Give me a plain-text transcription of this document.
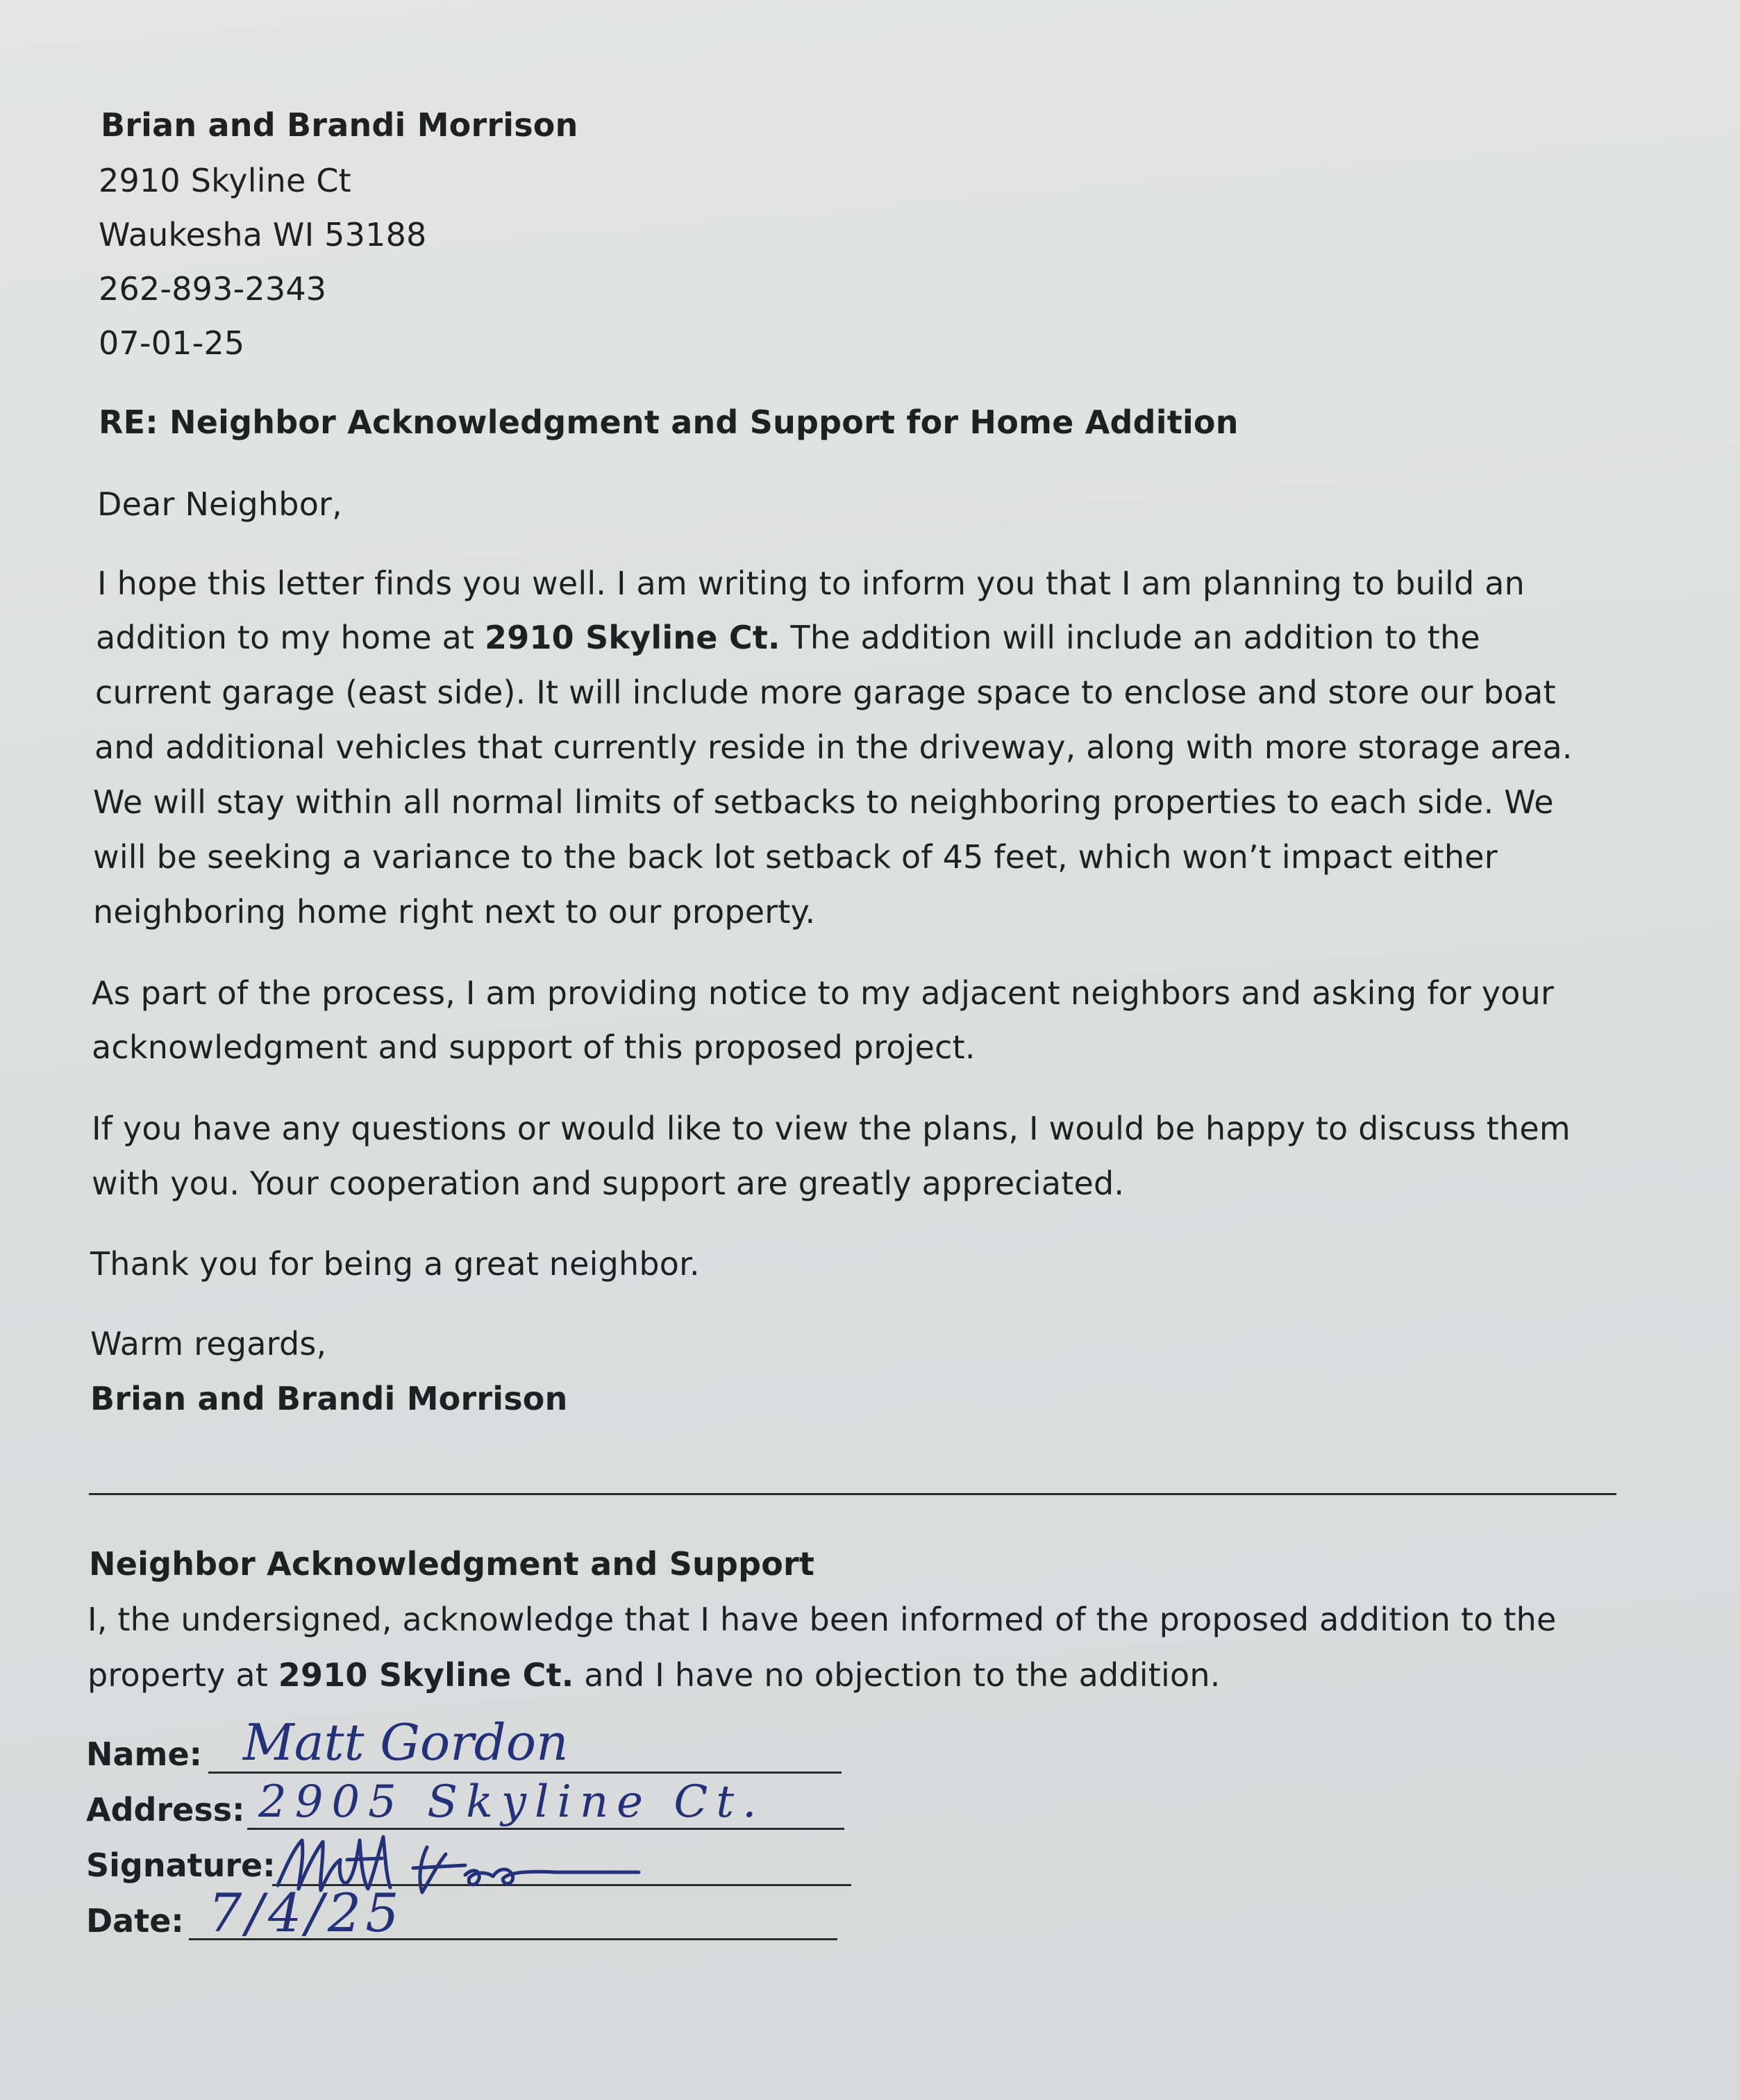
Brian and Brandi Morrison
2910 Skyline Ct
Waukesha WI 53188
262-893-2343
07-01-25
RE: Neighbor Acknowledgment and Support for Home Addition
Dear Neighbor,
I hope this letter finds you well. I am writing to inform you that I am planning to build an
addition to my home at 2910 Skyline Ct. The addition will include an addition to the
current garage (east side). It will include more garage space to enclose and store our boat
and additional vehicles that currently reside in the driveway, along with more storage area.
We will stay within all normal limits of setbacks to neighboring properties to each side. We
will be seeking a variance to the back lot setback of 45 feet, which won’t impact either
neighboring home right next to our property.
As part of the process, I am providing notice to my adjacent neighbors and asking for your
acknowledgment and support of this proposed project.
If you have any questions or would like to view the plans, I would be happy to discuss them
with you. Your cooperation and support are greatly appreciated.
Thank you for being a great neighbor.
Warm regards,
Brian and Brandi Morrison
Neighbor Acknowledgment and Support
I, the undersigned, acknowledge that I have been informed of the proposed addition to the
property at 2910 Skyline Ct. and I have no objection to the addition.
Name: Matt Gordon
Address: 2905 Skyline Ct.
Signature:
Date: 7/4/25
